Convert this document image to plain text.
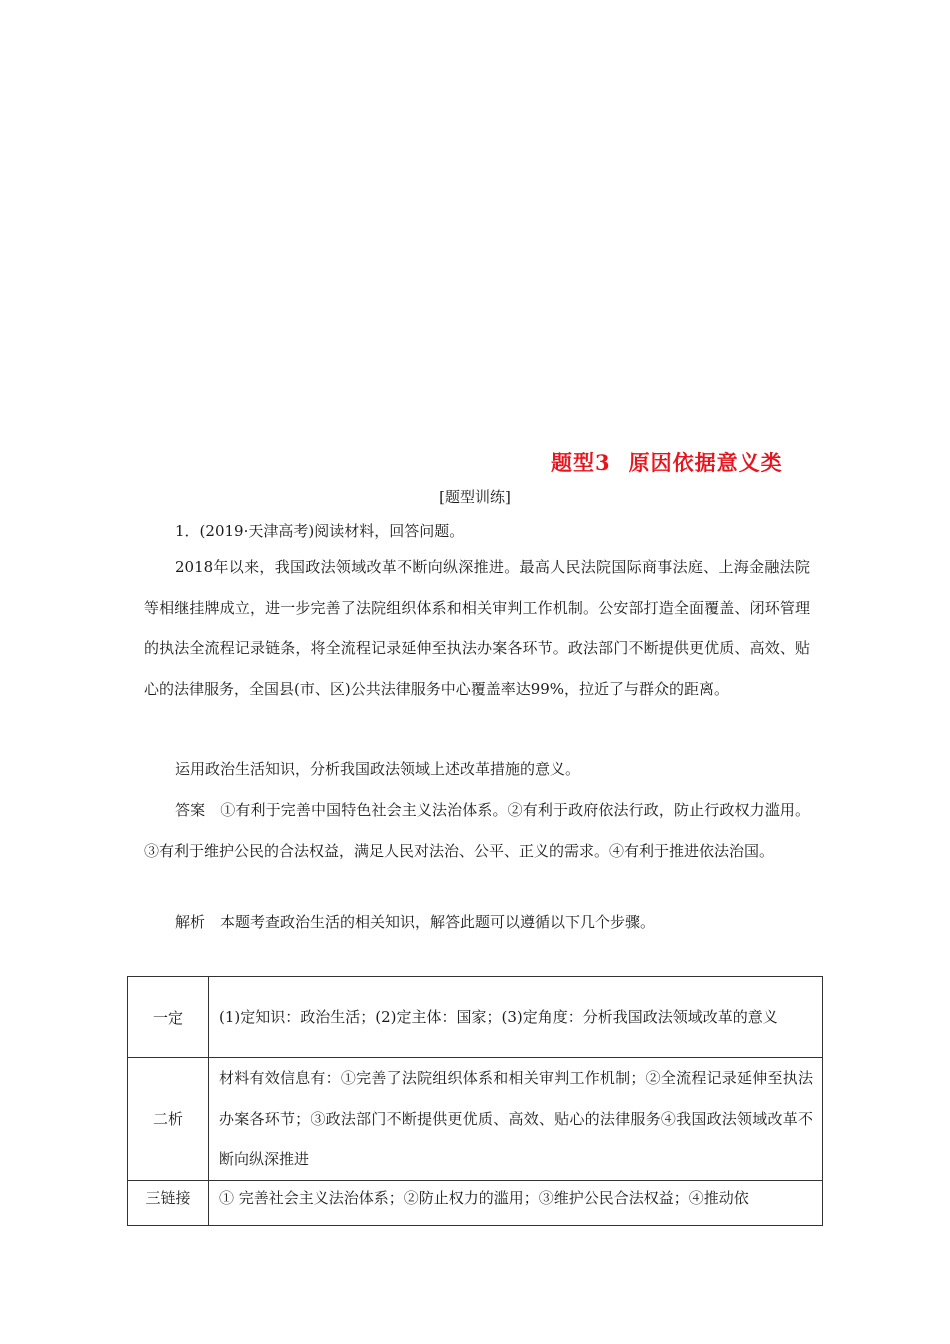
题型3 原因依据意义类
[题型训练]
1．(2019·天津高考)阅读材料，回答问题。
2018年以来，我国政法领域改革不断向纵深推进。最高人民法院国际商事法庭、上海金融法院等相继挂牌成立，进一步完善了法院组织体系和相关审判工作机制。公安部打造全面覆盖、闭环管理的执法全流程记录链条，将全流程记录延伸至执法办案各环节。政法部门不断提供更优质、高效、贴心的法律服务，全国县(市、区)公共法律服务中心覆盖率达99%，拉近了与群众的距离。
运用政治生活知识，分析我国政法领域上述改革措施的意义。
答案 ①有利于完善中国特色社会主义法治体系。②有利于政府依法行政，防止行政权力滥用。③有利于维护公民的合法权益，满足人民对法治、公平、正义的需求。④有利于推进依法治国。
解析 本题考查政治生活的相关知识，解答此题可以遵循以下几个步骤。
一定	(1)定知识：政治生活；(2)定主体：国家；(3)定角度：分析我国政法领域改革的意义
二析	材料有效信息有：①完善了法院组织体系和相关审判工作机制；②全流程记录延伸至执法办案各环节；③政法部门不断提供更优质、高效、贴心的法律服务④我国政法领域改革不断向纵深推进
三链接	① 完善社会主义法治体系；②防止权力的滥用；③维护公民合法权益；④推动依
